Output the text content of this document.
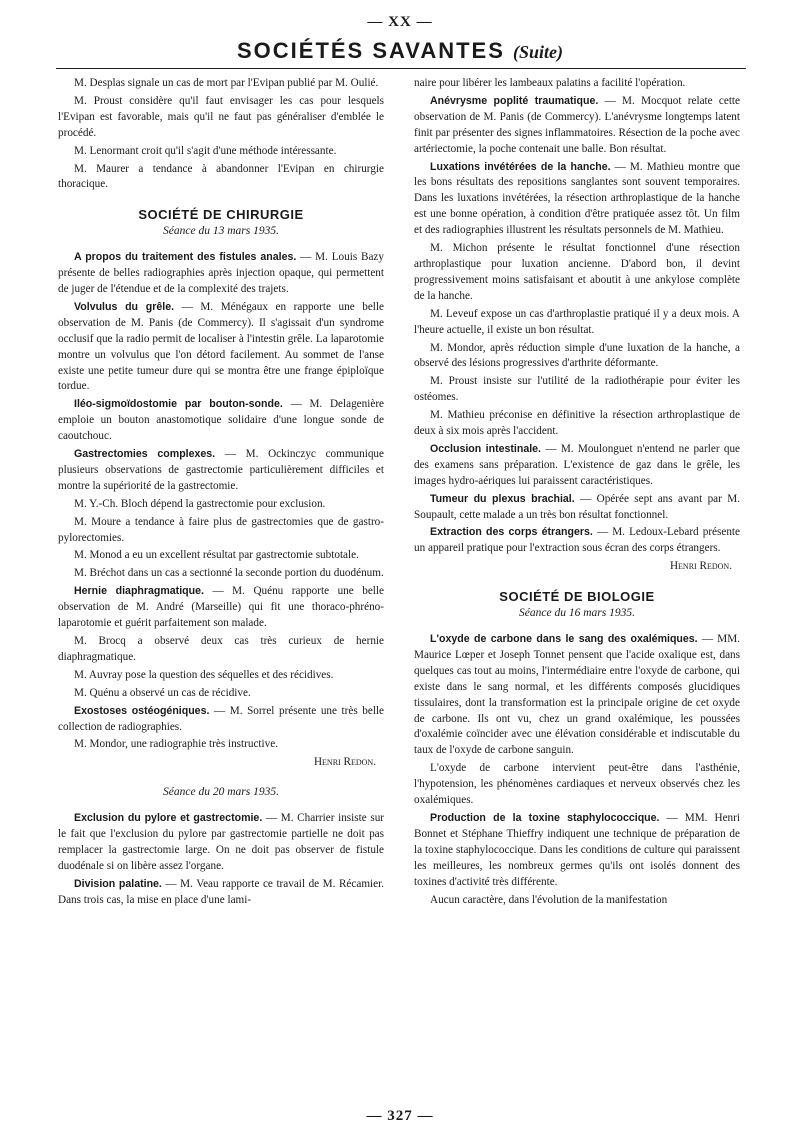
— XX —
SOCIÉTÉS SAVANTES (Suite)

M. Desplas signale un cas de mort par l'Evipan publié par M. Oulié.

M. Proust considère qu'il faut envisager les cas pour lesquels l'Evipan est favorable, mais qu'il ne faut pas généraliser d'emblée le procédé.

M. Lenormant croit qu'il s'agit d'une méthode intéressante.

M. Maurer a tendance à abandonner l'Evipan en chirurgie thoracique.

SOCIÉTÉ DE CHIRURGIE
Séance du 13 mars 1935.

A propos du traitement des fistules anales. — M. Louis Bazy présente de belles radiographies après injection opaque, qui permettent de juger de l'étendue et de la complexité des trajets.

Volvulus du grêle. — M. Ménégaux en rapporte une belle observation de M. Panis (de Commercy). Il s'agissait d'un syndrome occlusif que la radio permit de localiser à l'intestin grêle. La laparotomie montre un volvulus que l'on détord facilement. Au sommet de l'anse existe une petite tumeur dure qui se montra être une frange épiploïque tordue.

Iléo-sigmoïdostomie par bouton-sonde. — M. Delagenière emploie un bouton anastomotique solidaire d'une longue sonde de caoutchouc.

Gastrectomies complexes. — M. Ockinczyc communique plusieurs observations de gastrectomie particulièrement difficiles et montre la supériorité de la gastrectomie.

M. Y.-Ch. Bloch dépend la gastrectomie pour exclusion.

M. Moure a tendance à faire plus de gastrectomies que de gastro-pylorectomies.

M. Monod a eu un excellent résultat par gastrectomie subtotale.

M. Bréchot dans un cas a sectionné la seconde portion du duodénum.

Hernie diaphragmatique. — M. Quénu rapporte une belle observation de M. André (Marseille) qui fit une thoraco-phréno-laparotomie et guérit parfaitement son malade.

M. Brocq a observé deux cas très curieux de hernie diaphragmatique.

M. Auvray pose la question des séquelles et des récidives.

M. Quénu a observé un cas de récidive.

Exostoses ostéogéniques. — M. Sorrel présente une très belle collection de radiographies.

M. Mondor, une radiographie très instructive.

Henri Redon.
Séance du 20 mars 1935.

Exclusion du pylore et gastrectomie. — M. Charrier insiste sur le fait que l'exclusion du pylore par gastrectomie partielle ne doit pas remplacer la gastrectomie large. On ne doit pas observer de fistule duodénale si on libère assez l'organe.

Division palatine. — M. Veau rapporte ce travail de M. Récamier. Dans trois cas, la mise en place d'une lami-

naire pour libérer les lambeaux palatins a facilité l'opération.

Anévrysme poplité traumatique. — M. Mocquot relate cette observation de M. Panis (de Commercy). L'anévrysme longtemps latent finit par présenter des signes inflammatoires. Résection de la poche avec artériectomie, la poche contenait une balle. Bon résultat.

Luxations invétérées de la hanche. — M. Mathieu montre que les bons résultats des repositions sanglantes sont souvent temporaires. Dans les luxations invétérées, la résection arthroplastique de la hanche est une bonne opération, à condition d'être pratiquée assez tôt. Un film et des radiographies illustrent les résultats personnels de M. Mathieu.

M. Michon présente le résultat fonctionnel d'une résection arthroplastique pour luxation ancienne. D'abord bon, il devint progressivement moins satisfaisant et aboutit à une ankylose complète de la hanche.

M. Leveuf expose un cas d'arthroplastie pratiqué il y a deux mois. A l'heure actuelle, il existe un bon résultat.

M. Mondor, après réduction simple d'une luxation de la hanche, a observé des lésions progressives d'arthrite déformante.

M. Proust insiste sur l'utilité de la radiothérapie pour éviter les ostéomes.

M. Mathieu préconise en définitive la résection arthroplastique de deux à six mois après l'accident.

Occlusion intestinale. — M. Moulonguet n'entend ne parler que des examens sans préparation. L'existence de gaz dans le grêle, les images hydro-aériques lui paraissent caractéristiques.

Tumeur du plexus brachial. — Opérée sept ans avant par M. Soupault, cette malade a un très bon résultat fonctionnel.

Extraction des corps étrangers. — M. Ledoux-Lebard présente un appareil pratique pour l'extraction sous écran des corps étrangers.

Henri Redon.
SOCIÉTÉ DE BIOLOGIE
Séance du 16 mars 1935.

L'oxyde de carbone dans le sang des oxalémiques. — MM. Maurice Lœper et Joseph Tonnet pensent que l'acide oxalique est, dans quelques cas tout au moins, l'intermédiaire entre l'oxyde de carbone, qui existe dans le sang normal, et les différents composés glucidiques tissulaires, dont la transformation est la principale origine de cet oxyde de carbone. Ils ont vu, chez un grand oxalémique, les poussées d'oxalémie coïncider avec une élévation considérable et indiscutable du taux de l'oxyde de carbone sanguin.

L'oxyde de carbone intervient peut-être dans l'asthénie, l'hypotension, les phénomènes cardiaques et nerveux observés chez les oxalémiques.

Production de la toxine staphylococcique. — MM. Henri Bonnet et Stéphane Thieffry indiquent une technique de préparation de la toxine staphylococcique. Dans les conditions de culture qui paraissent les meilleures, les nombreux germes qu'ils ont isolés donnent des toxines d'activité très différente.

Aucun caractère, dans l'évolution de la manifestation

— 327 —
